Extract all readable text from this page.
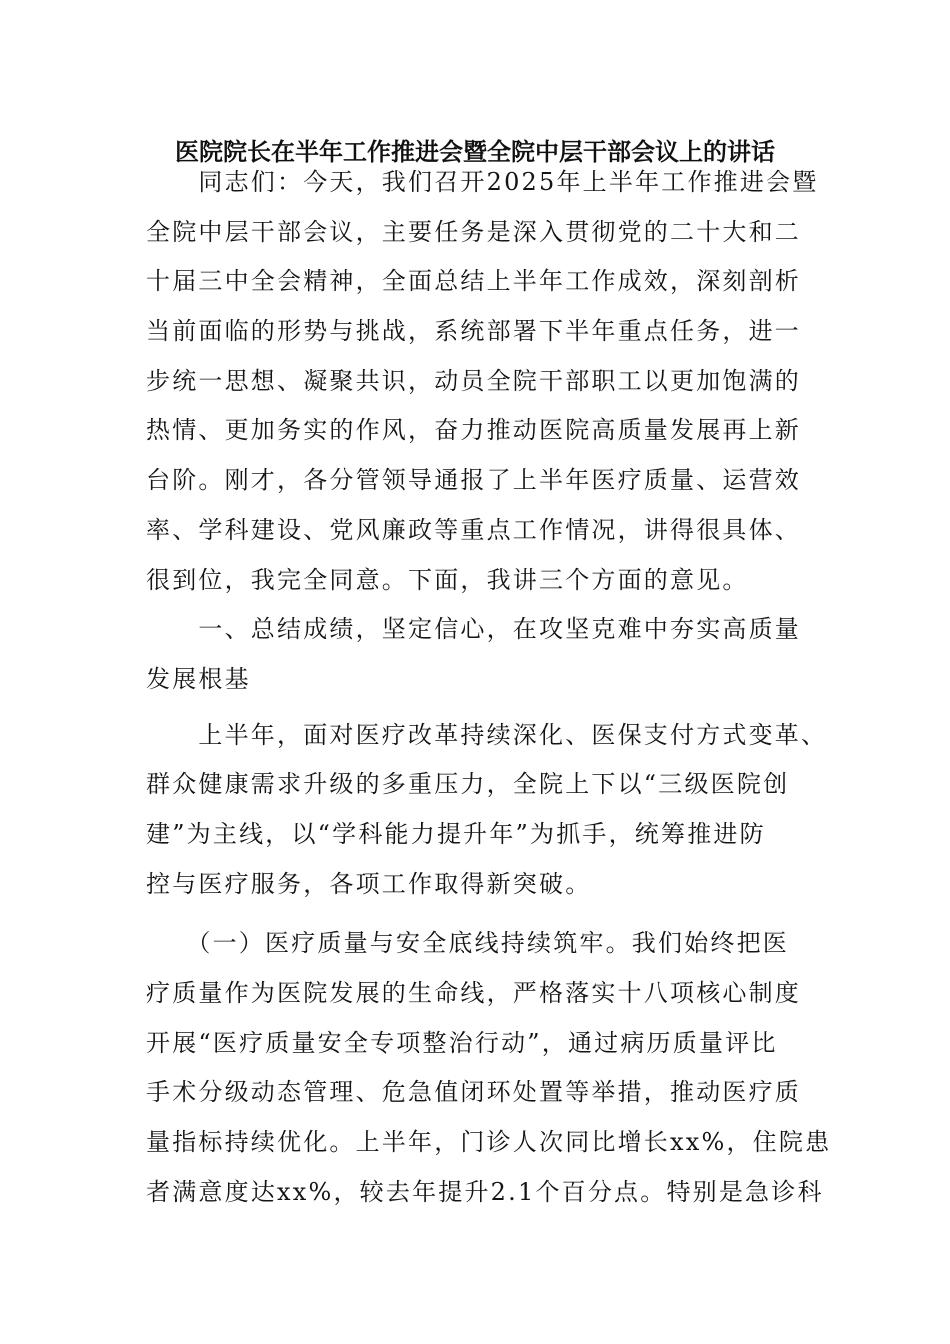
医院院长在半年工作推进会暨全院中层干部会议上的讲话
　　同志们：今天，我们召开2025年上半年工作推进会暨
全院中层干部会议，主要任务是深入贯彻党的二十大和二
十届三中全会精神，全面总结上半年工作成效，深刻剖析
当前面临的形势与挑战，系统部署下半年重点任务，进一
步统一思想、凝聚共识，动员全院干部职工以更加饱满的
热情、更加务实的作风，奋力推动医院高质量发展再上新
台阶。刚才，各分管领导通报了上半年医疗质量、运营效
率、学科建设、党风廉政等重点工作情况，讲得很具体、
很到位，我完全同意。下面，我讲三个方面的意见。
　　一、总结成绩，坚定信心，在攻坚克难中夯实高质量
发展根基
　　上半年，面对医疗改革持续深化、医保支付方式变革、
群众健康需求升级的多重压力，全院上下以“三级医院创
建”为主线，以“学科能力提升年”为抓手，统筹推进防
控与医疗服务，各项工作取得新突破。
　　（一）医疗质量与安全底线持续筑牢。我们始终把医
疗质量作为医院发展的生命线，严格落实十八项核心制度
开展“医疗质量安全专项整治行动”，通过病历质量评比
手术分级动态管理、危急值闭环处置等举措，推动医疗质
量指标持续优化。上半年，门诊人次同比增长xx%，住院患
者满意度达xx%，较去年提升2.1个百分点。特别是急诊科
